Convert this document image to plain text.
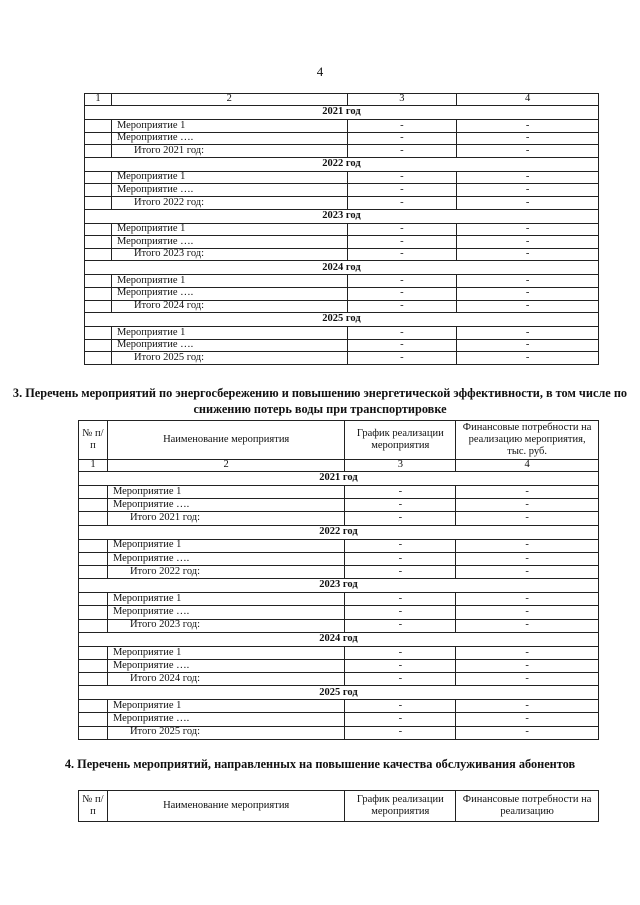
4
1	2	3	4
2021 год			
	Мероприятие 1	-	-
	Мероприятие ….	-	-
	Итого 2021 год:	-	-
2022 год			
	Мероприятие 1	-	-
	Мероприятие ….	-	-
	Итого 2022 год:	-	-
2023 год			
	Мероприятие 1	-	-
	Мероприятие ….	-	-
	Итого 2023 год:	-	-
2024 год			
	Мероприятие 1	-	-
	Мероприятие ….	-	-
	Итого 2024 год:	-	-
2025 год			
	Мероприятие 1	-	-
	Мероприятие ….	-	-
	Итого 2025 год:	-	-
3. Перечень мероприятий по энергосбережению и повышению энергетической эффективности, в том числе по снижению потерь воды при транспортировке
№ п/п	Наименование мероприятия	График реализации мероприятия	Финансовые потребности на реализацию мероприятия, тыс. руб.
1	2	3	4
2021 год			
	Мероприятие 1	-	-
	Мероприятие ….	-	-
	Итого 2021 год:	-	-
2022 год			
	Мероприятие 1	-	-
	Мероприятие ….	-	-
	Итого 2022 год:	-	-
2023 год			
	Мероприятие 1	-	-
	Мероприятие ….	-	-
	Итого 2023 год:	-	-
2024 год			
	Мероприятие 1	-	-
	Мероприятие ….	-	-
	Итого 2024 год:	-	-
2025 год			
	Мероприятие 1	-	-
	Мероприятие ….	-	-
	Итого 2025 год:	-	-
4. Перечень мероприятий, направленных на повышение качества обслуживания абонентов
№ п/п	Наименование мероприятия	График реализации мероприятия	Финансовые потребности на реализацию
